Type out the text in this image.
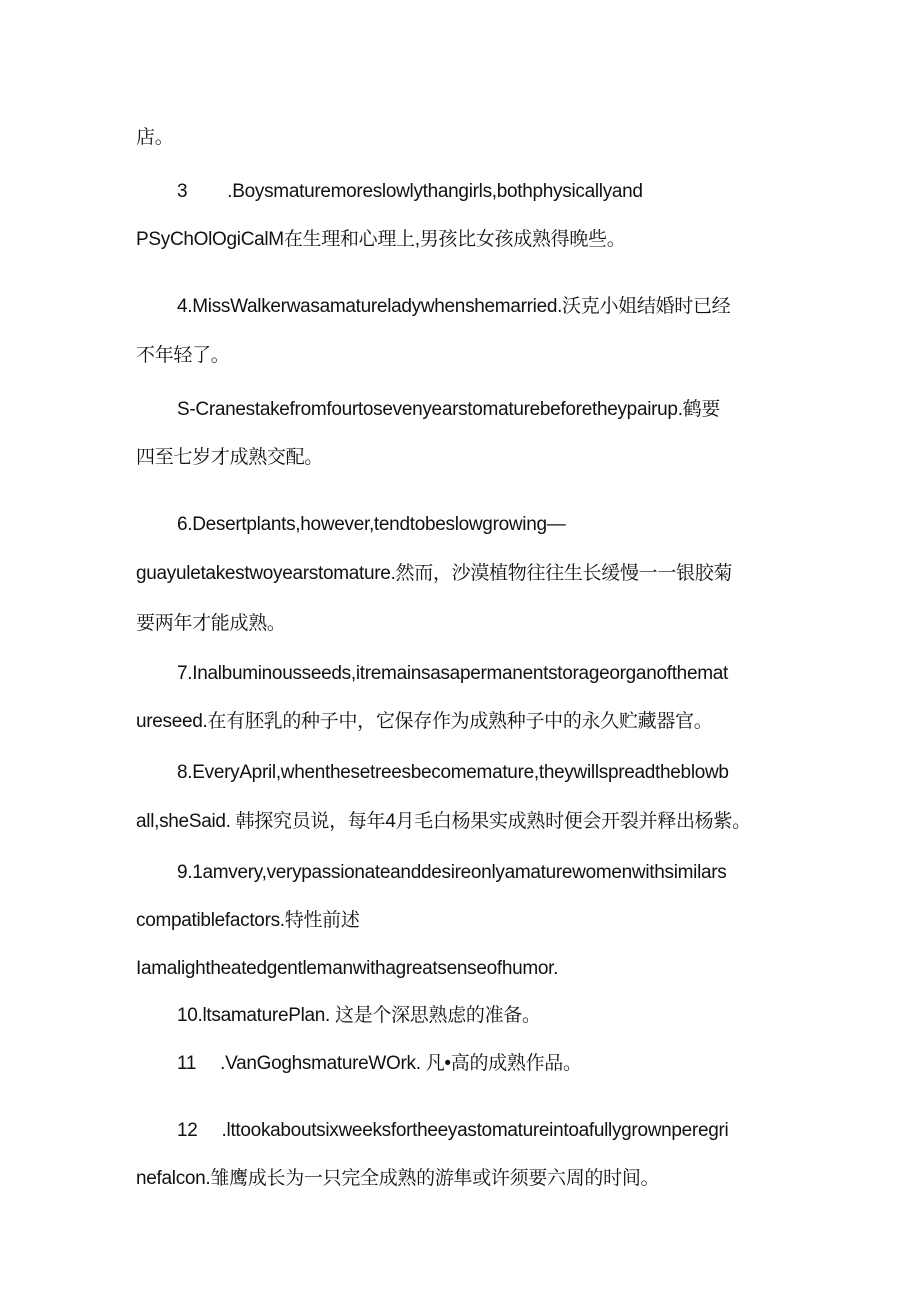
店。
3 .Boysmaturemoreslowlythangirls,bothphysicallyand
PSyChOlOgiCalM在生理和心理上,男孩比女孩成熟得晚些。
4.MissWalkerwasamatureladywhenshemarried.沃克小姐结婚时已经
不年轻了。
S-Cranestakefromfourtosevenyearstomaturebeforetheypairup.鹤要
四至七岁才成熟交配。
6.Desertplants,however,tendtobeslowgrowing—
guayuletakestwoyearstomature.然而，沙漠植物往往生长缓慢一一银胶菊
要两年才能成熟。
7.Inalbuminousseeds,itremainsasapermanentstorageorganofthemat
ureseed.在有胚乳的种子中，它保存作为成熟种子中的永久贮藏器官。
8.EveryApril,whenthesetreesbecomemature,theywillspreadtheblowb
all,sheSaid. 韩探究员说，每年4月毛白杨果实成熟时便会开裂并释出杨紫。
9.1amvery,verypassionateanddesireonlyamaturewomenwithsimilars
compatiblefactors.特性前述
Iamalightheatedgentlemanwithagreatsenseofhumor.
10.ltsamaturePlan. 这是个深思熟虑的准备。
11 .VanGoghsmatureWOrk. 凡•高的成熟作品。
12 .lttookaboutsixweeksfortheeyastomatureintoafullygrownperegri
nefalcon.雏鹰成长为一只完全成熟的游隼或许须要六周的时间。
